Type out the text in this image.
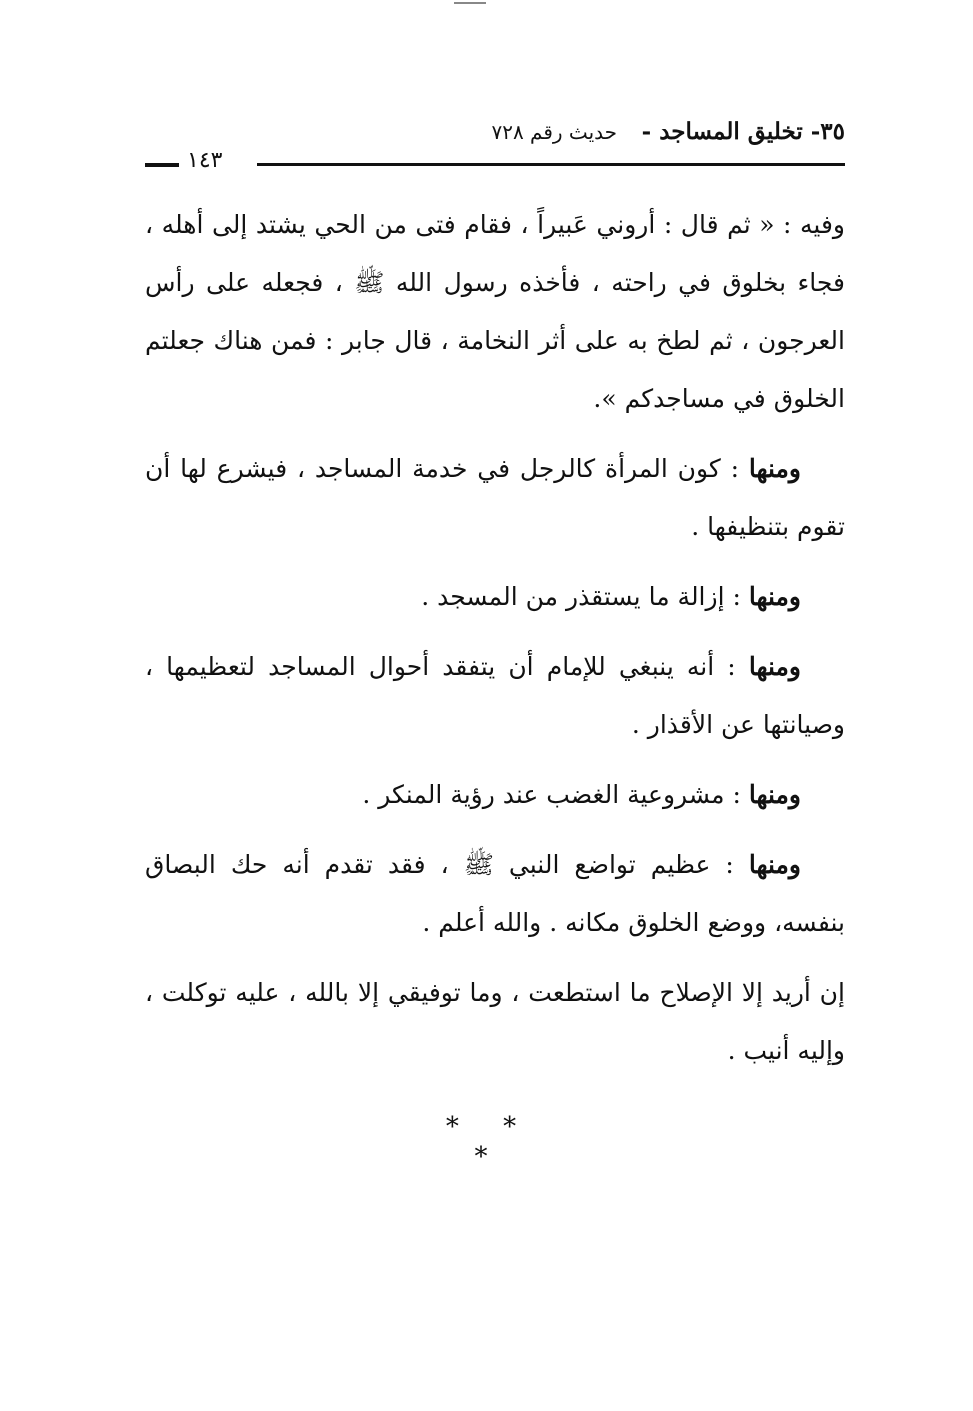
٣٥- تخليق المساجد -
حديث رقم ٧٢٨
١٤٣

وفيه : « ثم قال : أروني عَبيراً ، فقام فتى من الحي يشتد إلى أهله ، فجاء بخلوق في راحته ، فأخذه رسول الله ﷺ ، فجعله على رأس العرجون ، ثم لطخ به على أثر النخامة ، قال جابر : فمن هناك جعلتم الخلوق في مساجدكم ».

ومنها : كون المرأة كالرجل في خدمة المساجد ، فيشرع لها أن تقوم بتنظيفها .

ومنها : إزالة ما يستقذر من المسجد .

ومنها : أنه ينبغي للإمام أن يتفقد أحوال المساجد لتعظيمها ، وصيانتها عن الأقذار .

ومنها : مشروعية الغضب عند رؤية المنكر .

ومنها : عظيم تواضع النبي ﷺ ، فقد تقدم أنه حك البصاق بنفسه، ووضع الخلوق مكانه . والله أعلم .

إن أريد إلا الإصلاح ما استطعت ، وما توفيقي إلا بالله ، عليه توكلت ، وإليه أنيب .

* * *
